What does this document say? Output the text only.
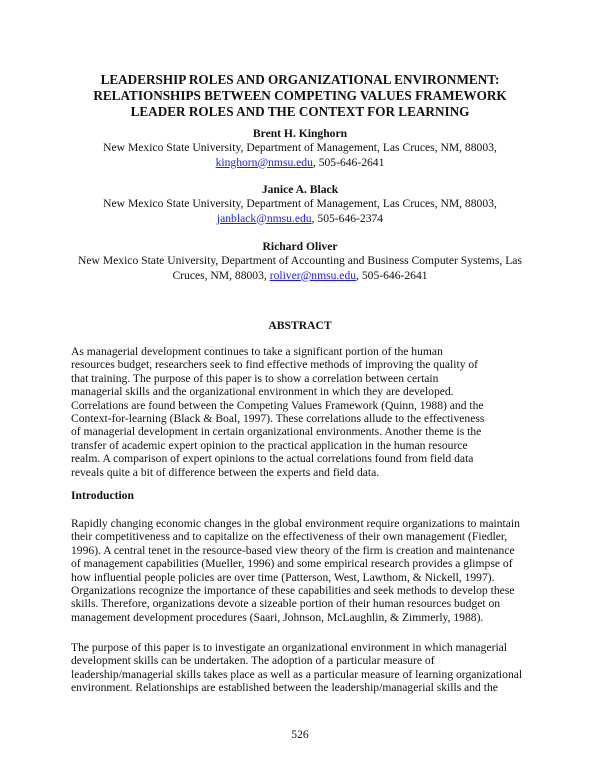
LEADERSHIP ROLES AND ORGANIZATIONAL ENVIRONMENT:
RELATIONSHIPS BETWEEN COMPETING VALUES FRAMEWORK
LEADER ROLES AND THE CONTEXT FOR LEARNING
Brent H. Kinghorn
New Mexico State University, Department of Management, Las Cruces, NM, 88003,
kinghorn@nmsu.edu, 505-646-2641
Janice A. Black
New Mexico State University, Department of Management, Las Cruces, NM, 88003,
janblack@nmsu.edu, 505-646-2374
Richard Oliver
New Mexico State University, Department of Accounting and Business Computer Systems, Las
Cruces, NM, 88003, roliver@nmsu.edu, 505-646-2641
ABSTRACT
As managerial development continues to take a significant portion of the human
resources budget, researchers seek to find effective methods of improving the quality of
that training. The purpose of this paper is to show a correlation between certain
managerial skills and the organizational environment in which they are developed.
Correlations are found between the Competing Values Framework (Quinn, 1988) and the
Context-for-learning (Black & Boal, 1997). These correlations allude to the effectiveness
of managerial development in certain organizational environments. Another theme is the
transfer of academic expert opinion to the practical application in the human resource
realm. A comparison of expert opinions to the actual correlations found from field data
reveals quite a bit of difference between the experts and field data.
Introduction
Rapidly changing economic changes in the global environment require organizations to maintain
their competitiveness and to capitalize on the effectiveness of their own management (Fiedler,
1996). A central tenet in the resource-based view theory of the firm is creation and maintenance
of management capabilities (Mueller, 1996) and some empirical research provides a glimpse of
how influential people policies are over time (Patterson, West, Lawthom, & Nickell, 1997).
Organizations recognize the importance of these capabilities and seek methods to develop these
skills. Therefore, organizations devote a sizeable portion of their human resources budget on
management development procedures (Saari, Johnson, McLaughlin, & Zimmerly, 1988).
The purpose of this paper is to investigate an organizational environment in which managerial
development skills can be undertaken. The adoption of a particular measure of
leadership/managerial skills takes place as well as a particular measure of learning organizational
environment. Relationships are established between the leadership/managerial skills and the
526
